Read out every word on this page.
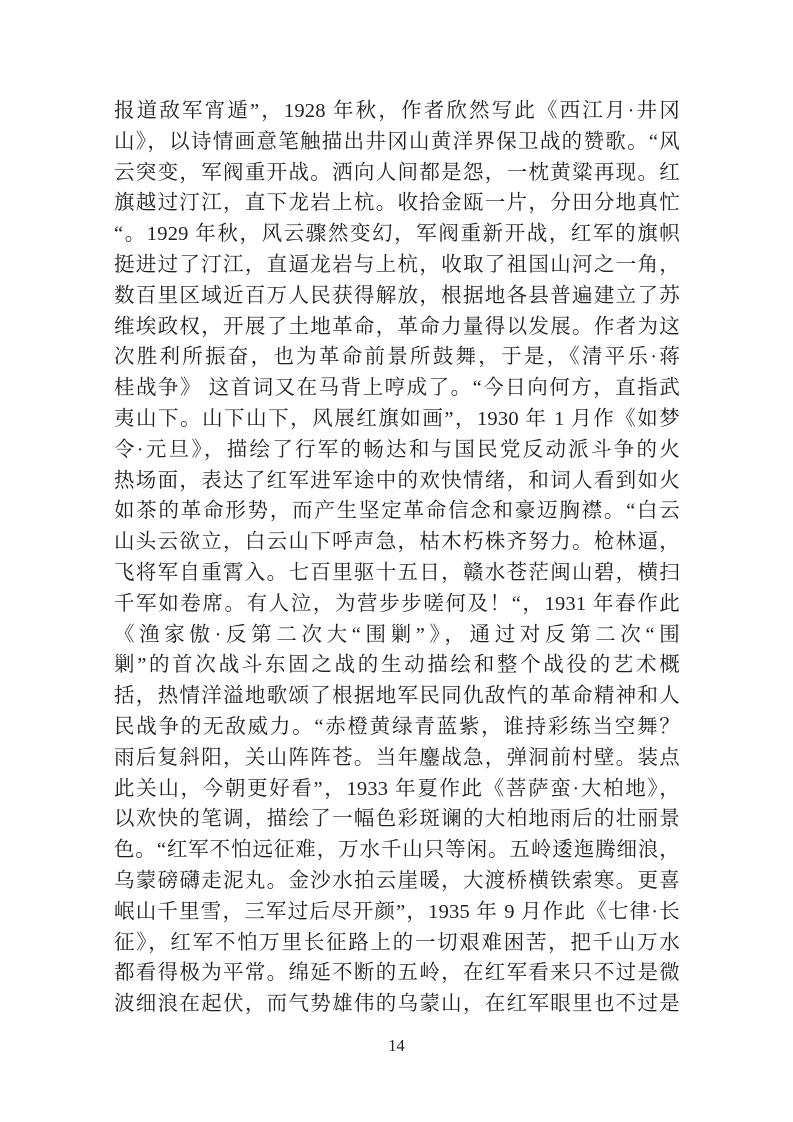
报道敌军宵遁”，1928 年秋，作者欣然写此《西江月·井冈
山》，以诗情画意笔触描出井冈山黄洋界保卫战的赞歌。“风
云突变，军阀重开战。洒向人间都是怨，一枕黄粱再现。红
旗越过汀江，直下龙岩上杭。收拾金瓯一片，分田分地真忙
“。1929 年秋，风云骤然变幻，军阀重新开战，红军的旗帜
挺进过了汀江，直逼龙岩与上杭，收取了祖国山河之一角，
数百里区域近百万人民获得解放，根据地各县普遍建立了苏
维埃政权，开展了土地革命，革命力量得以发展。作者为这
次胜利所振奋，也为革命前景所鼓舞，于是，《清平乐·蒋
桂战争》 这首词又在马背上哼成了。“今日向何方，直指武
夷山下。山下山下，风展红旗如画”，1930 年 1 月作《如梦
令·元旦》，描绘了行军的畅达和与国民党反动派斗争的火
热场面，表达了红军进军途中的欢快情绪，和词人看到如火
如茶的革命形势，而产生坚定革命信念和豪迈胸襟。“白云
山头云欲立，白云山下呼声急，枯木朽株齐努力。枪林逼，
飞将军自重霄入。七百里驱十五日，赣水苍茫闽山碧，横扫
千军如卷席。有人泣，为营步步嗟何及！“，1931 年春作此
《渔家傲·反第二次大“围剿”》，通过对反第二次“围
剿”的首次战斗东固之战的生动描绘和整个战役的艺术概
括，热情洋溢地歌颂了根据地军民同仇敌忾的革命精神和人
民战争的无敌威力。“赤橙黄绿青蓝紫，谁持彩练当空舞？
雨后复斜阳，关山阵阵苍。当年鏖战急，弹洞前村壁。装点
此关山，今朝更好看”，1933 年夏作此《菩萨蛮·大柏地》，
以欢快的笔调，描绘了一幅色彩斑谰的大柏地雨后的壮丽景
色。“红军不怕远征难，万水千山只等闲。五岭逶迤腾细浪，
乌蒙磅礴走泥丸。金沙水拍云崖暖，大渡桥横铁索寒。更喜
岷山千里雪，三军过后尽开颜”，1935 年 9 月作此《七律·长
征》，红军不怕万里长征路上的一切艰难困苦，把千山万水
都看得极为平常。绵延不断的五岭，在红军看来只不过是微
波细浪在起伏，而气势雄伟的乌蒙山，在红军眼里也不过是
14
